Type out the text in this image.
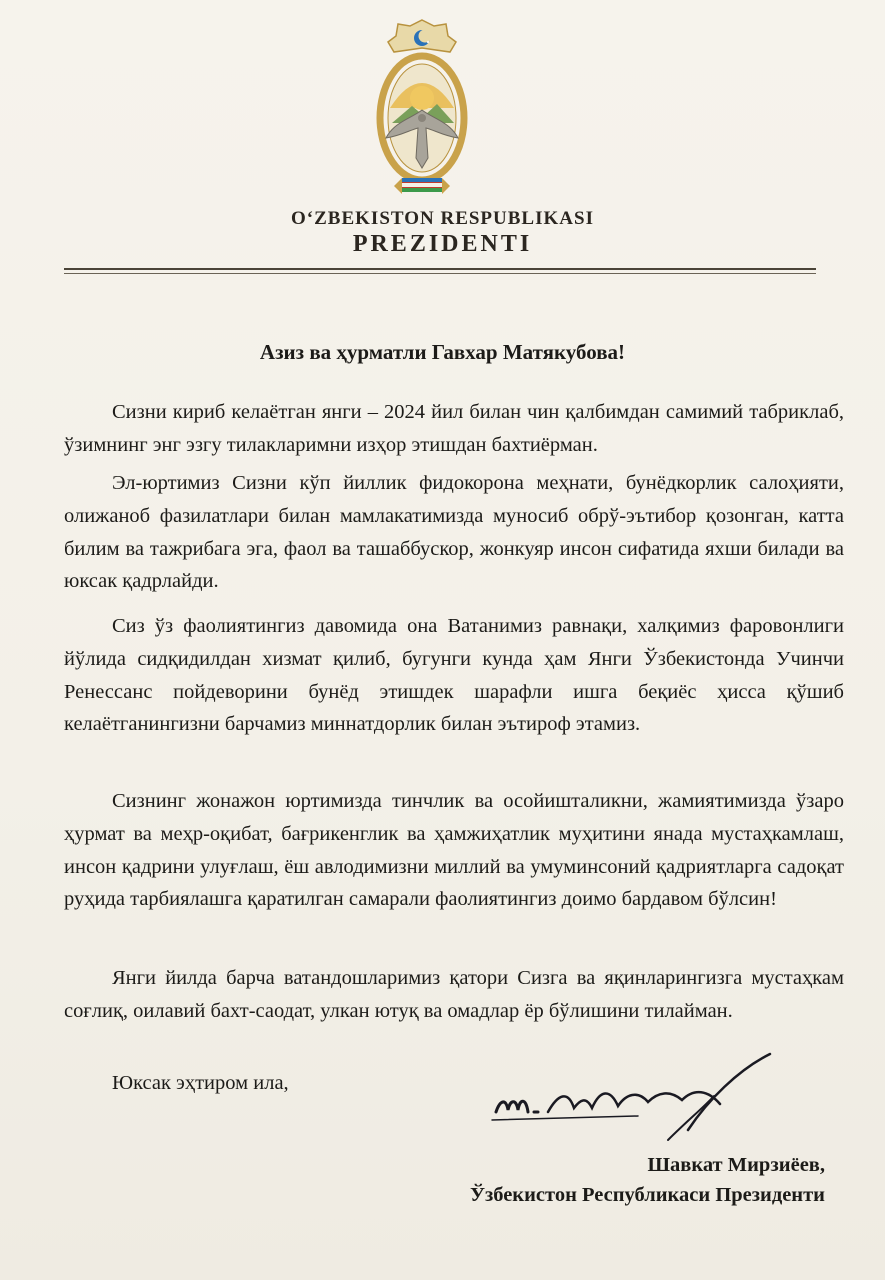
O‘ZBEKISTON RESPUBLIKASI
PREZIDENTI
Азиз ва ҳурматли Гавхар Матякубова!

Сизни кириб келаётган янги – 2024 йил билан чин қалбимдан самимий табриклаб, ўзимнинг энг эзгу тилакларимни изҳор этишдан бахтиёрман.

Эл-юртимиз Сизни кўп йиллик фидокорона меҳнати, бунёдкорлик салоҳияти, олижаноб фазилатлари билан мамлакатимизда муносиб обрў-эътибор қозонган, катта билим ва тажрибага эга, фаол ва ташаббускор, жонкуяр инсон сифатида яхши билади ва юксак қадрлайди.

Сиз ўз фаолиятингиз давомида она Ватанимиз равнақи, халқимиз фаровонлиги йўлида сидқидилдан хизмат қилиб, бугунги кунда ҳам Янги Ўзбекистонда Учинчи Ренессанс пойдеворини бунёд этишдек шарафли ишга беқиёс ҳисса қўшиб келаётганингизни барчамиз миннатдорлик билан эътироф этамиз.

Сизнинг жонажон юртимизда тинчлик ва осойишталикни, жамиятимизда ўзаро ҳурмат ва меҳр-оқибат, бағрикенглик ва ҳамжиҳатлик муҳитини янада мустаҳкамлаш, инсон қадрини улуғлаш, ёш авлодимизни миллий ва умуминсоний қадриятларга садоқат руҳида тарбиялашга қаратилган самарали фаолиятингиз доимо бардавом бўлсин!

Янги йилда барча ватандошларимиз қатори Сизга ва яқинларингизга мустаҳкам соғлиқ, оилавий бахт-саодат, улкан ютуқ ва омадлар ёр бўлишини тилайман.

Юксак эҳтиром ила,
Шавкат Мирзиёев,
Ўзбекистон Республикаси Президенти
